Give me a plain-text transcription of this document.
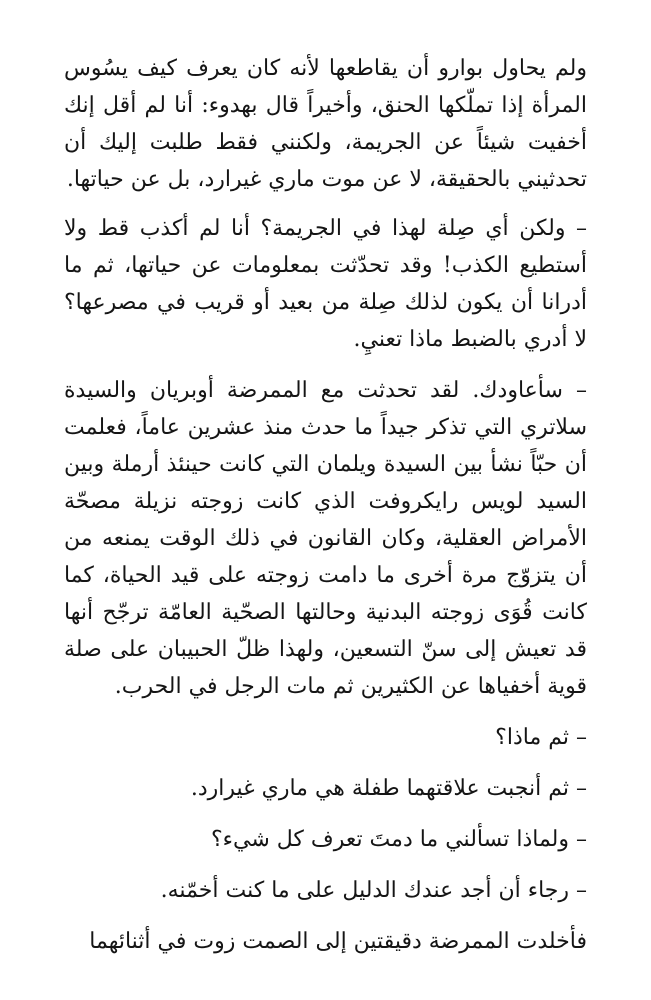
ولم يحاول بوارو أن يقاطعها لأنه كان يعرف كيف يسُوس المرأة إذا تملّكها الحنق، وأخيراً قال بهدوء: أنا لم أقل إنك أخفيت شيئاً عن الجريمة، ولكنني فقط طلبت إليك أن تحدثيني بالحقيقة، لا عن موت ماري غيرارد، بل عن حياتها.

– ولكن أي صِلة لهذا في الجريمة؟ أنا لم أكذب قط ولا أستطيع الكذب! وقد تحدّثت بمعلومات عن حياتها، ثم ما أدرانا أن يكون لذلك صِلة من بعيد أو قريب في مصرعها؟ لا أدري بالضبط ماذا تعنيِ.

– سأعاودك. لقد تحدثت مع الممرضة أوبريان والسيدة سلاتري التي تذكر جيداً ما حدث منذ عشرين عاماً، فعلمت أن حبّاً نشأ بين السيدة ويلمان التي كانت حينئذ أرملة وبين السيد لويس رايكروفت الذي كانت زوجته نزيلة مصحّة الأمراض العقلية، وكان القانون في ذلك الوقت يمنعه من أن يتزوّج مرة أخرى ما دامت زوجته على قيد الحياة، كما كانت قُوَى زوجته البدنية وحالتها الصحّية العامّة ترجّح أنها قد تعيش إلى سنّ التسعين، ولهذا ظلّ الحبيبان على صلة قوية أخفياها عن الكثيرين ثم مات الرجل في الحرب.

– ثم ماذا؟

– ثم أنجبت علاقتهما طفلة هي ماري غيرارد.

– ولماذا تسألني ما دمتَ تعرف كل شيء؟

– رجاء أن أجد عندك الدليل على ما كنت أخمّنه.

فأخلدت الممرضة دقيقتين إلى الصمت زوت في أثنائهما
